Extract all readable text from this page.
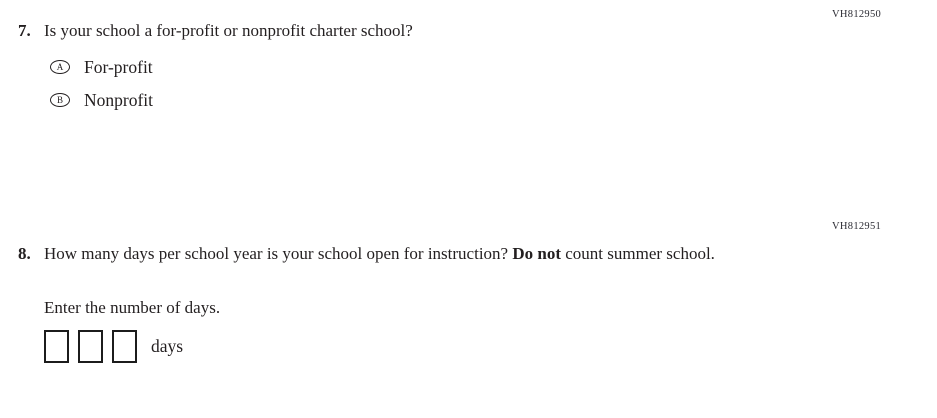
VH812950
7. Is your school a for-profit or nonprofit charter school?
A	For-profit
B	Nonprofit
VH812951
8. How many days per school year is your school open for instruction? Do not count summer school.
Enter the number of days.
days
